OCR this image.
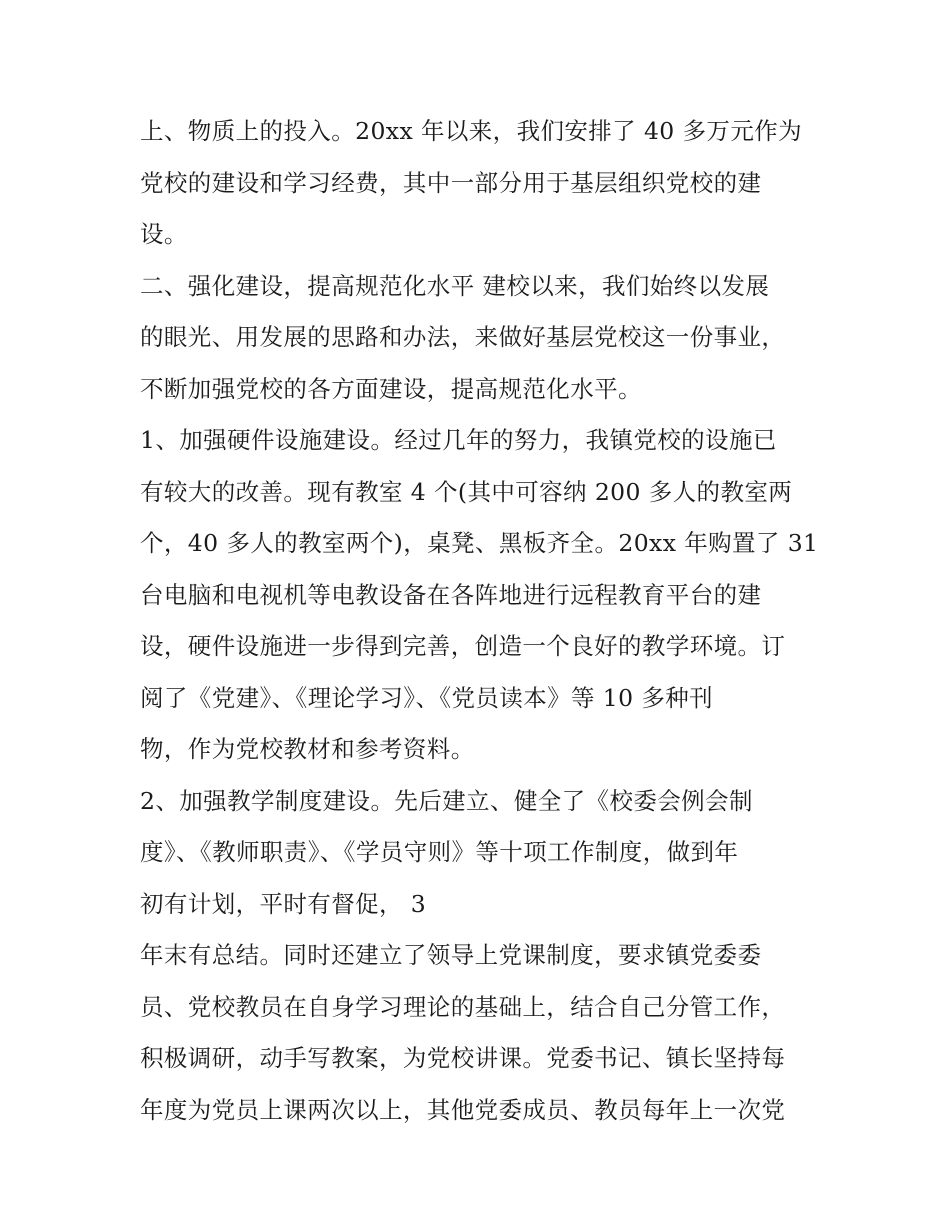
上、物质上的投入。20xx 年以来，我们安排了 40 多万元作为
党校的建设和学习经费，其中一部分用于基层组织党校的建
设。
二、强化建设，提高规范化水平 建校以来，我们始终以发展
的眼光、用发展的思路和办法，来做好基层党校这一份事业，
不断加强党校的各方面建设，提高规范化水平。
1、加强硬件设施建设。经过几年的努力，我镇党校的设施已
有较大的改善。现有教室 4 个(其中可容纳 200 多人的教室两
个，40 多人的教室两个)，桌凳、黑板齐全。20xx 年购置了 31
台电脑和电视机等电教设备在各阵地进行远程教育平台的建
设，硬件设施进一步得到完善，创造一个良好的教学环境。订
阅了《党建》、《理论学习》、《党员读本》等 10 多种刊
物，作为党校教材和参考资料。
2、加强教学制度建设。先后建立、健全了《校委会例会制
度》、《教师职责》、《学员守则》等十项工作制度，做到年
初有计划，平时有督促， 3
年末有总结。同时还建立了领导上党课制度，要求镇党委委
员、党校教员在自身学习理论的基础上，结合自己分管工作，
积极调研，动手写教案，为党校讲课。党委书记、镇长坚持每
年度为党员上课两次以上，其他党委成员、教员每年上一次党
